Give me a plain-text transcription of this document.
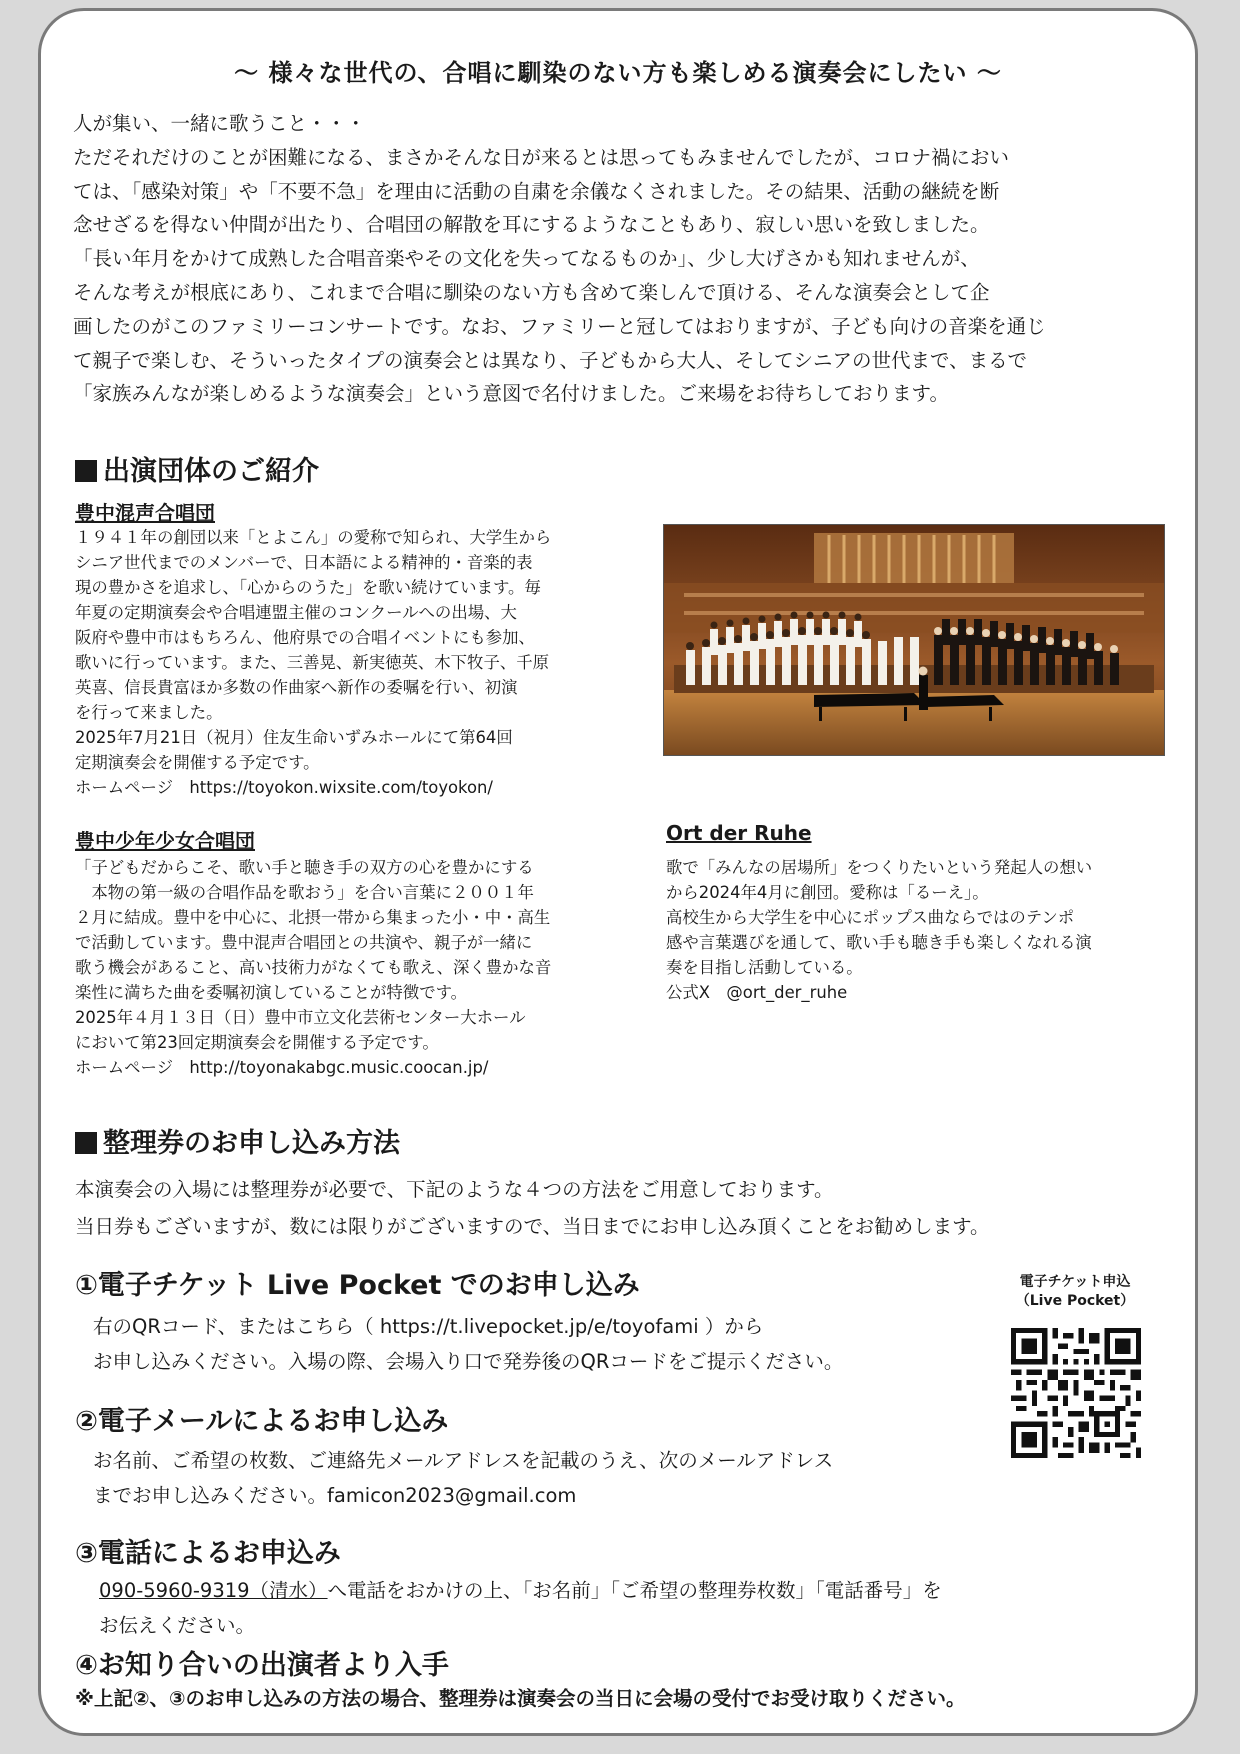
～ 様々な世代の、合唱に馴染のない方も楽しめる演奏会にしたい ～

人が集い、一緒に歌うこと・・・

ただそれだけのことが困難になる、まさかそんな日が来るとは思ってもみませんでしたが、コロナ禍におい

ては、「感染対策」や「不要不急」を理由に活動の自粛を余儀なくされました。その結果、活動の継続を断

念せざるを得ない仲間が出たり、合唱団の解散を耳にするようなこともあり、寂しい思いを致しました。

「長い年月をかけて成熟した合唱音楽やその文化を失ってなるものか」、少し大げさかも知れませんが、

そんな考えが根底にあり、これまで合唱に馴染のない方も含めて楽しんで頂ける、そんな演奏会として企

画したのがこのファミリーコンサートです。なお、ファミリーと冠してはおりますが、子ども向けの音楽を通じ

て親子で楽しむ、そういったタイプの演奏会とは異なり、子どもから大人、そしてシニアの世代まで、まるで

「家族みんなが楽しめるような演奏会」という意図で名付けました。ご来場をお待ちしております。

出演団体のご紹介
豊中混声合唱団
１９４１年の創団以来「とよこん」の愛称で知られ、大学生から
シニア世代までのメンバーで、日本語による精神的・音楽的表
現の豊かさを追求し、「心からのうた」を歌い続けています。毎
年夏の定期演奏会や合唱連盟主催のコンクールへの出場、大
阪府や豊中市はもちろん、他府県での合唱イベントにも参加、
歌いに行っています。また、三善晃、新実徳英、木下牧子、千原
英喜、信長貴富ほか多数の作曲家へ新作の委嘱を行い、初演
を行って来ました。
2025年7月21日（祝月）住友生命いずみホールにて第64回
定期演奏会を開催する予定です。
ホームページ　https://toyokon.wixsite.com/toyokon/
豊中少年少女合唱団
「子どもだからこそ、歌い手と聴き手の双方の心を豊かにする
　本物の第一級の合唱作品を歌おう」を合い言葉に２００１年
２月に結成。豊中を中心に、北摂一帯から集まった小・中・高生
で活動しています。豊中混声合唱団との共演や、親子が一緒に
歌う機会があること、高い技術力がなくても歌え、深く豊かな音
楽性に満ちた曲を委嘱初演していることが特徴です。
2025年４月１３日（日）豊中市立文化芸術センター大ホール
において第23回定期演奏会を開催する予定です。
ホームページ　http://toyonakabgc.music.coocan.jp/
Ort der Ruhe
歌で「みんなの居場所」をつくりたいという発起人の想い
から2024年4月に創団。愛称は「るーえ」。
高校生から大学生を中心にポップス曲ならではのテンポ
感や言葉選びを通して、歌い手も聴き手も楽しくなれる演
奏を目指し活動している。
公式X　@ort_der_ruhe
整理券のお申し込み方法
本演奏会の入場には整理券が必要で、下記のような４つの方法をご用意しております。
当日券もございますが、数には限りがございますので、当日までにお申し込み頂くことをお勧めします。
①電子チケット Live Pocket でのお申し込み
右のQRコード、またはこちら（ https://t.livepocket.jp/e/toyofami ）から
お申し込みください。入場の際、会場入り口で発券後のQRコードをご提示ください。
電子チケット申込
（Live Pocket）
②電子メールによるお申し込み
お名前、ご希望の枚数、ご連絡先メールアドレスを記載のうえ、次のメールアドレス
までお申し込みください。famicon2023@gmail.com
③電話によるお申込み
090-5960-9319（清水）へ電話をおかけの上、「お名前」「ご希望の整理券枚数」「電話番号」を
お伝えください。
④お知り合いの出演者より入手
※上記②、③のお申し込みの方法の場合、整理券は演奏会の当日に会場の受付でお受け取りください。
